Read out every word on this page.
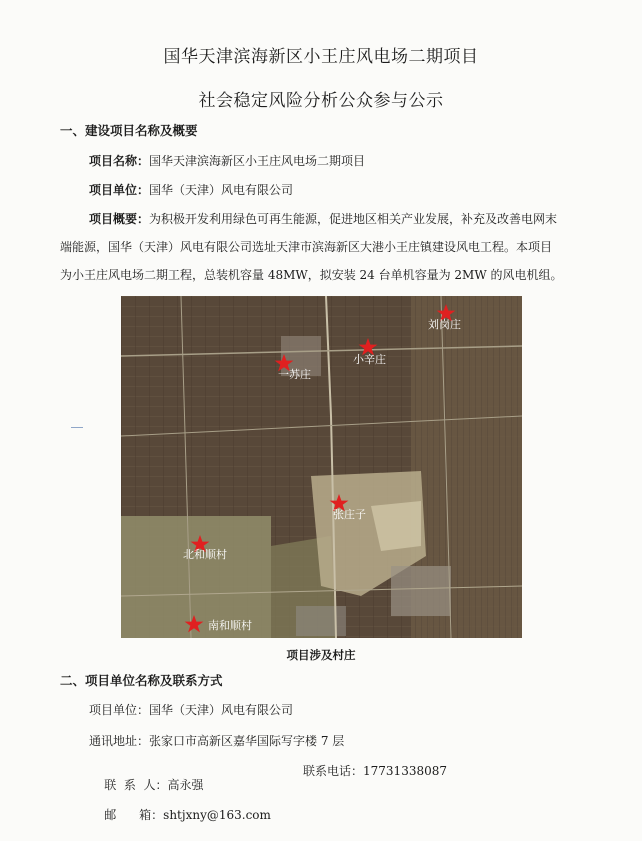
国华天津滨海新区小王庄风电场二期项目
社会稳定风险分析公众参与公示
一、建设项目名称及概要
项目名称：国华天津滨海新区小王庄风电场二期项目
项目单位：国华（天津）风电有限公司
项目概要：为积极开发利用绿色可再生能源，促进地区相关产业发展，补充及改善电网末
端能源，国华（天津）风电有限公司选址天津市滨海新区大港小王庄镇建设风电工程。本项目
为小王庄风电场二期工程，总装机容量 48MW，拟安装 24 台单机容量为 2MW 的风电机组。
刘岗庄
小辛庄
一苏庄
张庄子
北和顺村
南和顺村
项目涉及村庄
二、项目单位名称及联系方式
项目单位：国华（天津）风电有限公司
通讯地址：张家口市高新区嘉华国际写字楼 7 层

联  系  人：高永强

联系电话：17731338087

邮      箱：shtjxny@163.com
